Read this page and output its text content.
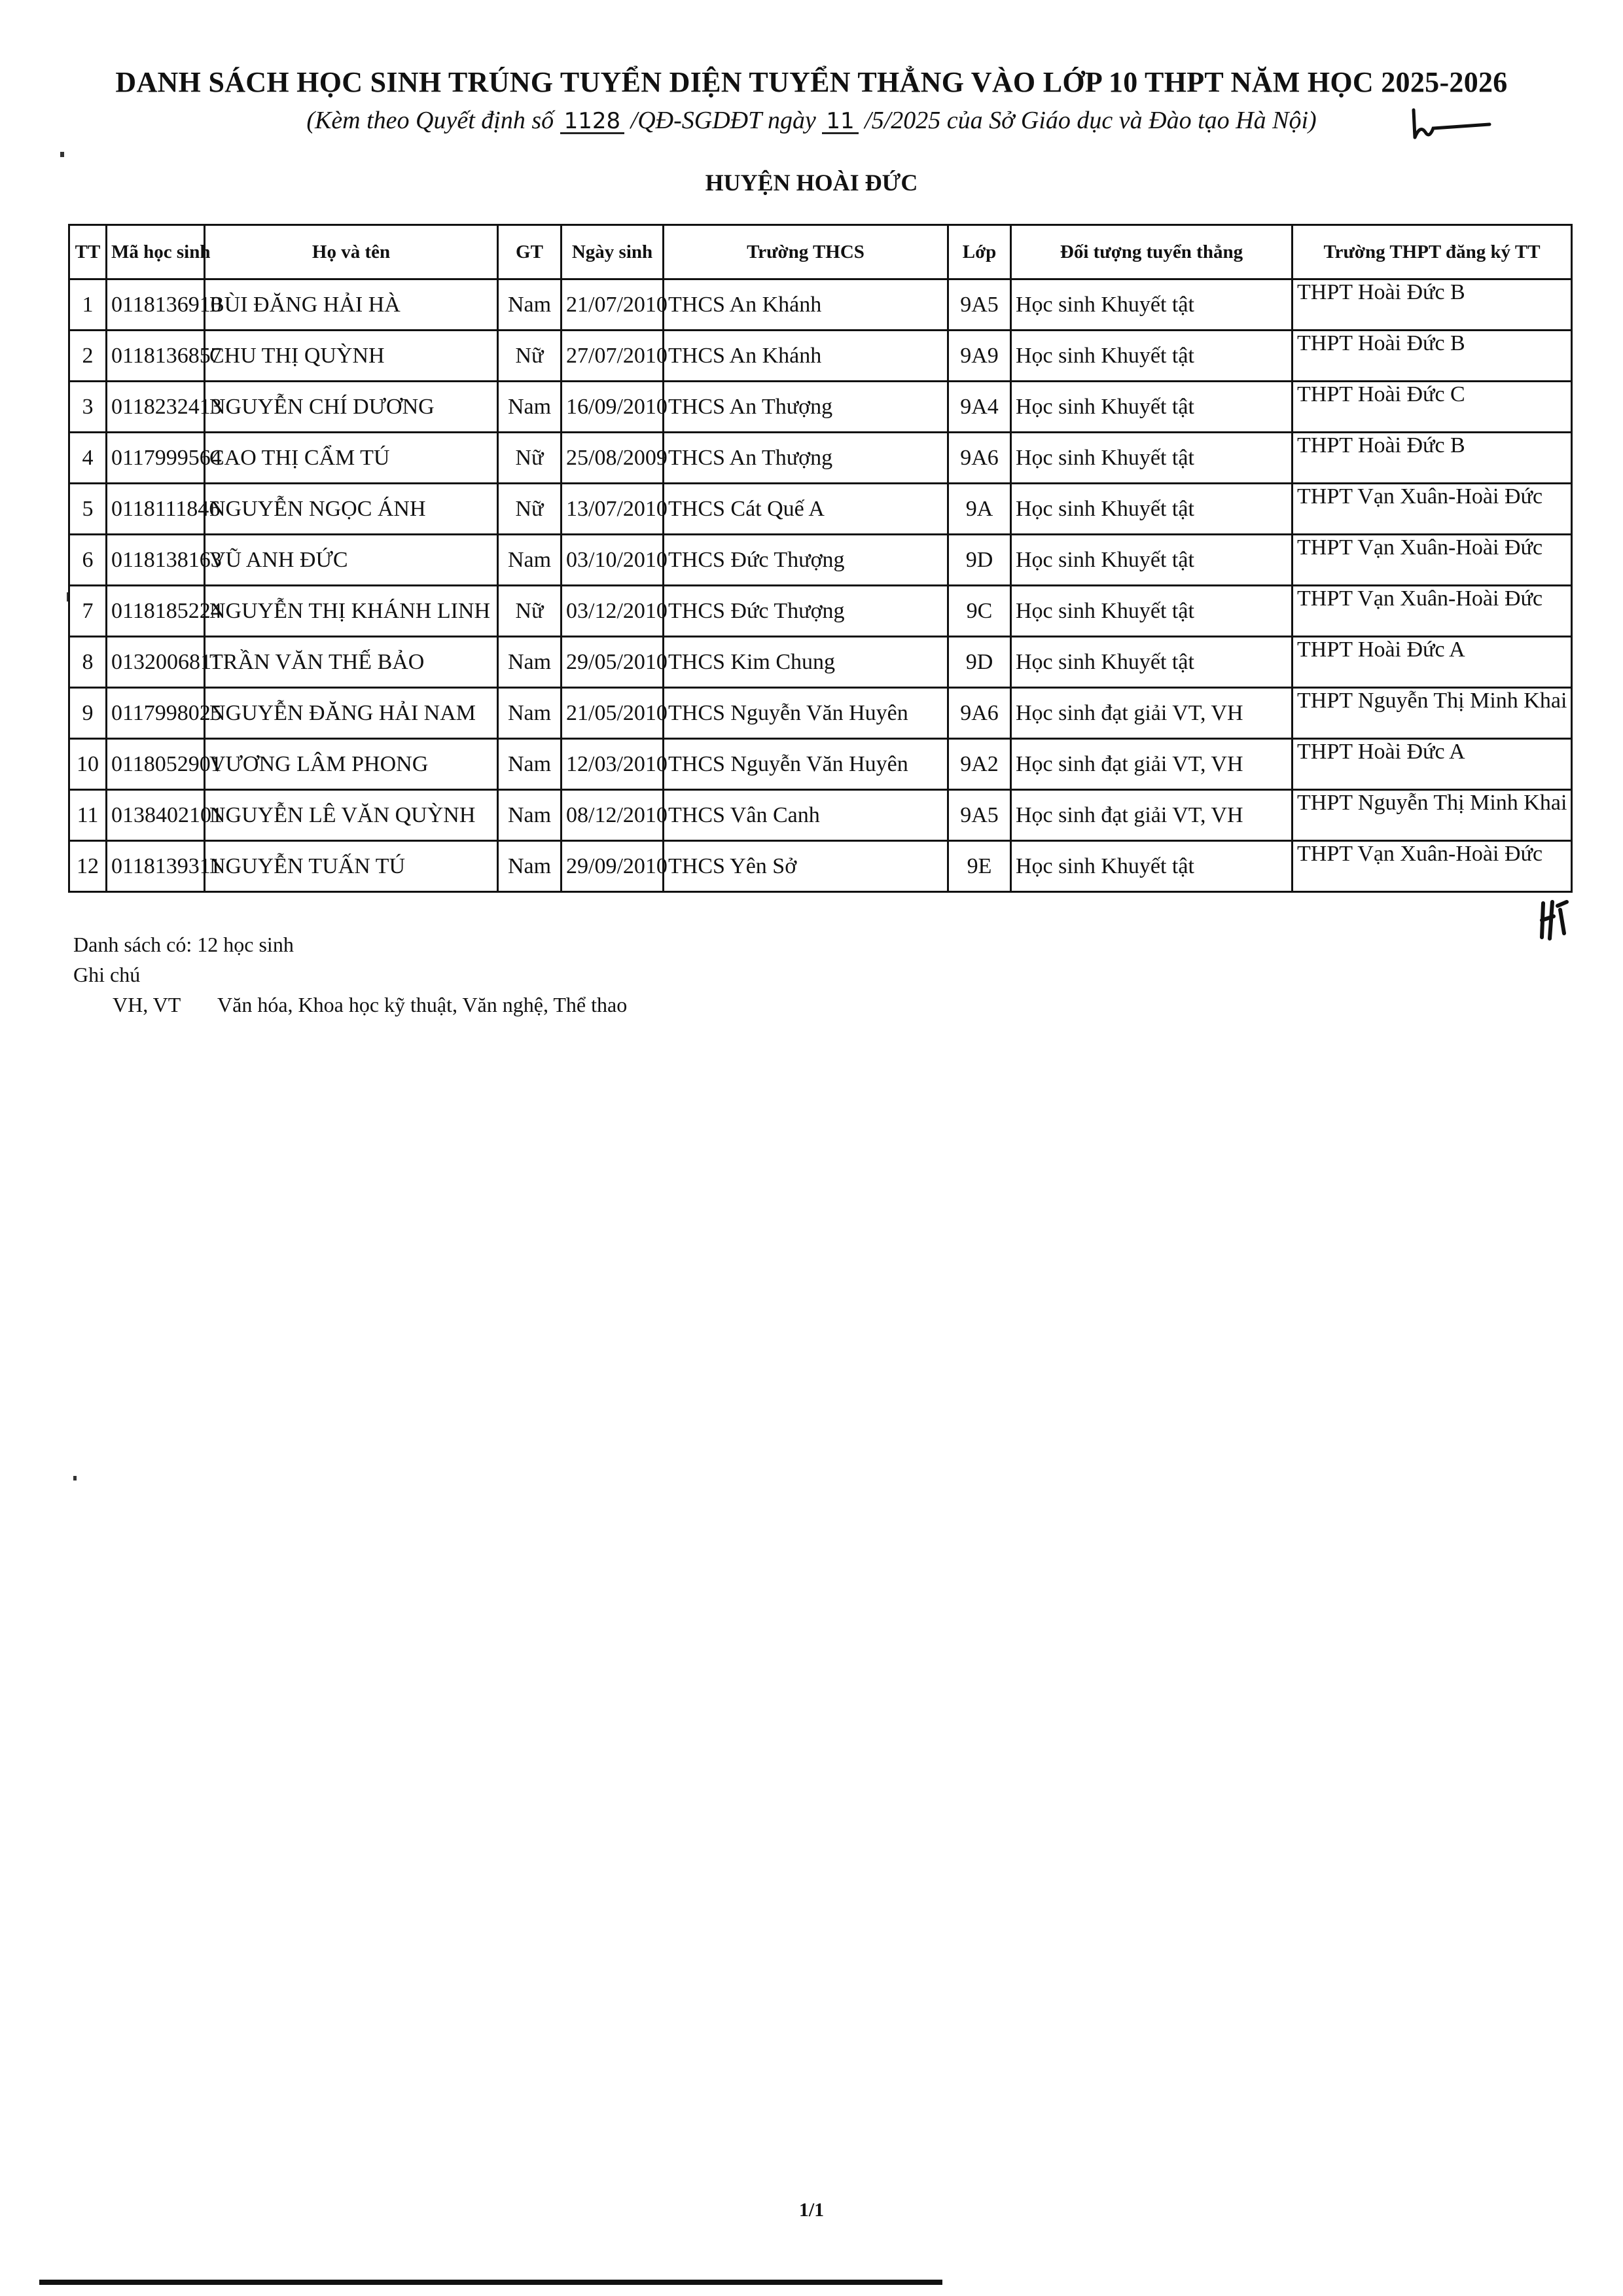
DANH SÁCH HỌC SINH TRÚNG TUYỂN DIỆN TUYỂN THẲNG VÀO LỚP 10 THPT NĂM HỌC 2025-2026
(Kèm theo Quyết định số 1128 /QĐ-SGDĐT ngày 11 /5/2025 của Sở Giáo dục và Đào tạo Hà Nội)
HUYỆN HOÀI ĐỨC
TT	Mã học sinh	Họ và tên	GT	Ngày sinh	Trường THCS	Lớp	Đối tượng tuyển thẳng	Trường THPT đăng ký TT
1	0118136910	BÙI ĐĂNG HẢI HÀ	Nam	21/07/2010	THCS An Khánh	9A5	Học sinh Khuyết tật	THPT Hoài Đức B
2	0118136857	CHU THỊ QUỲNH	Nữ	27/07/2010	THCS An Khánh	9A9	Học sinh Khuyết tật	THPT Hoài Đức B
3	0118232413	NGUYỄN CHÍ DƯƠNG	Nam	16/09/2010	THCS An Thượng	9A4	Học sinh Khuyết tật	THPT Hoài Đức C
4	0117999564	CAO THỊ CẨM TÚ	Nữ	25/08/2009	THCS An Thượng	9A6	Học sinh Khuyết tật	THPT Hoài Đức B
5	0118111846	NGUYỄN NGỌC ÁNH	Nữ	13/07/2010	THCS Cát Quế A	9A	Học sinh Khuyết tật	THPT Vạn Xuân-Hoài Đức
6	0118138163	VŨ ANH ĐỨC	Nam	03/10/2010	THCS Đức Thượng	9D	Học sinh Khuyết tật	THPT Vạn Xuân-Hoài Đức
7	0118185224	NGUYỄN THỊ KHÁNH LINH	Nữ	03/12/2010	THCS Đức Thượng	9C	Học sinh Khuyết tật	THPT Vạn Xuân-Hoài Đức
8	0132006811	TRẦN VĂN THẾ BẢO	Nam	29/05/2010	THCS Kim Chung	9D	Học sinh Khuyết tật	THPT Hoài Đức A
9	0117998025	NGUYỄN ĐĂNG HẢI NAM	Nam	21/05/2010	THCS Nguyễn Văn Huyên	9A6	Học sinh đạt giải VT, VH	THPT Nguyễn Thị Minh Khai
10	0118052901	VƯƠNG LÂM PHONG	Nam	12/03/2010	THCS Nguyễn Văn Huyên	9A2	Học sinh đạt giải VT, VH	THPT Hoài Đức A
11	0138402101	NGUYỄN LÊ VĂN QUỲNH	Nam	08/12/2010	THCS Vân Canh	9A5	Học sinh đạt giải VT, VH	THPT Nguyễn Thị Minh Khai
12	0118139311	NGUYỄN TUẤN TÚ	Nam	29/09/2010	THCS Yên Sở	9E	Học sinh Khuyết tật	THPT Vạn Xuân-Hoài Đức
Danh sách có: 12 học sinh
Ghi chú
VH, VT Văn hóa, Khoa học kỹ thuật, Văn nghệ, Thể thao
1/1
